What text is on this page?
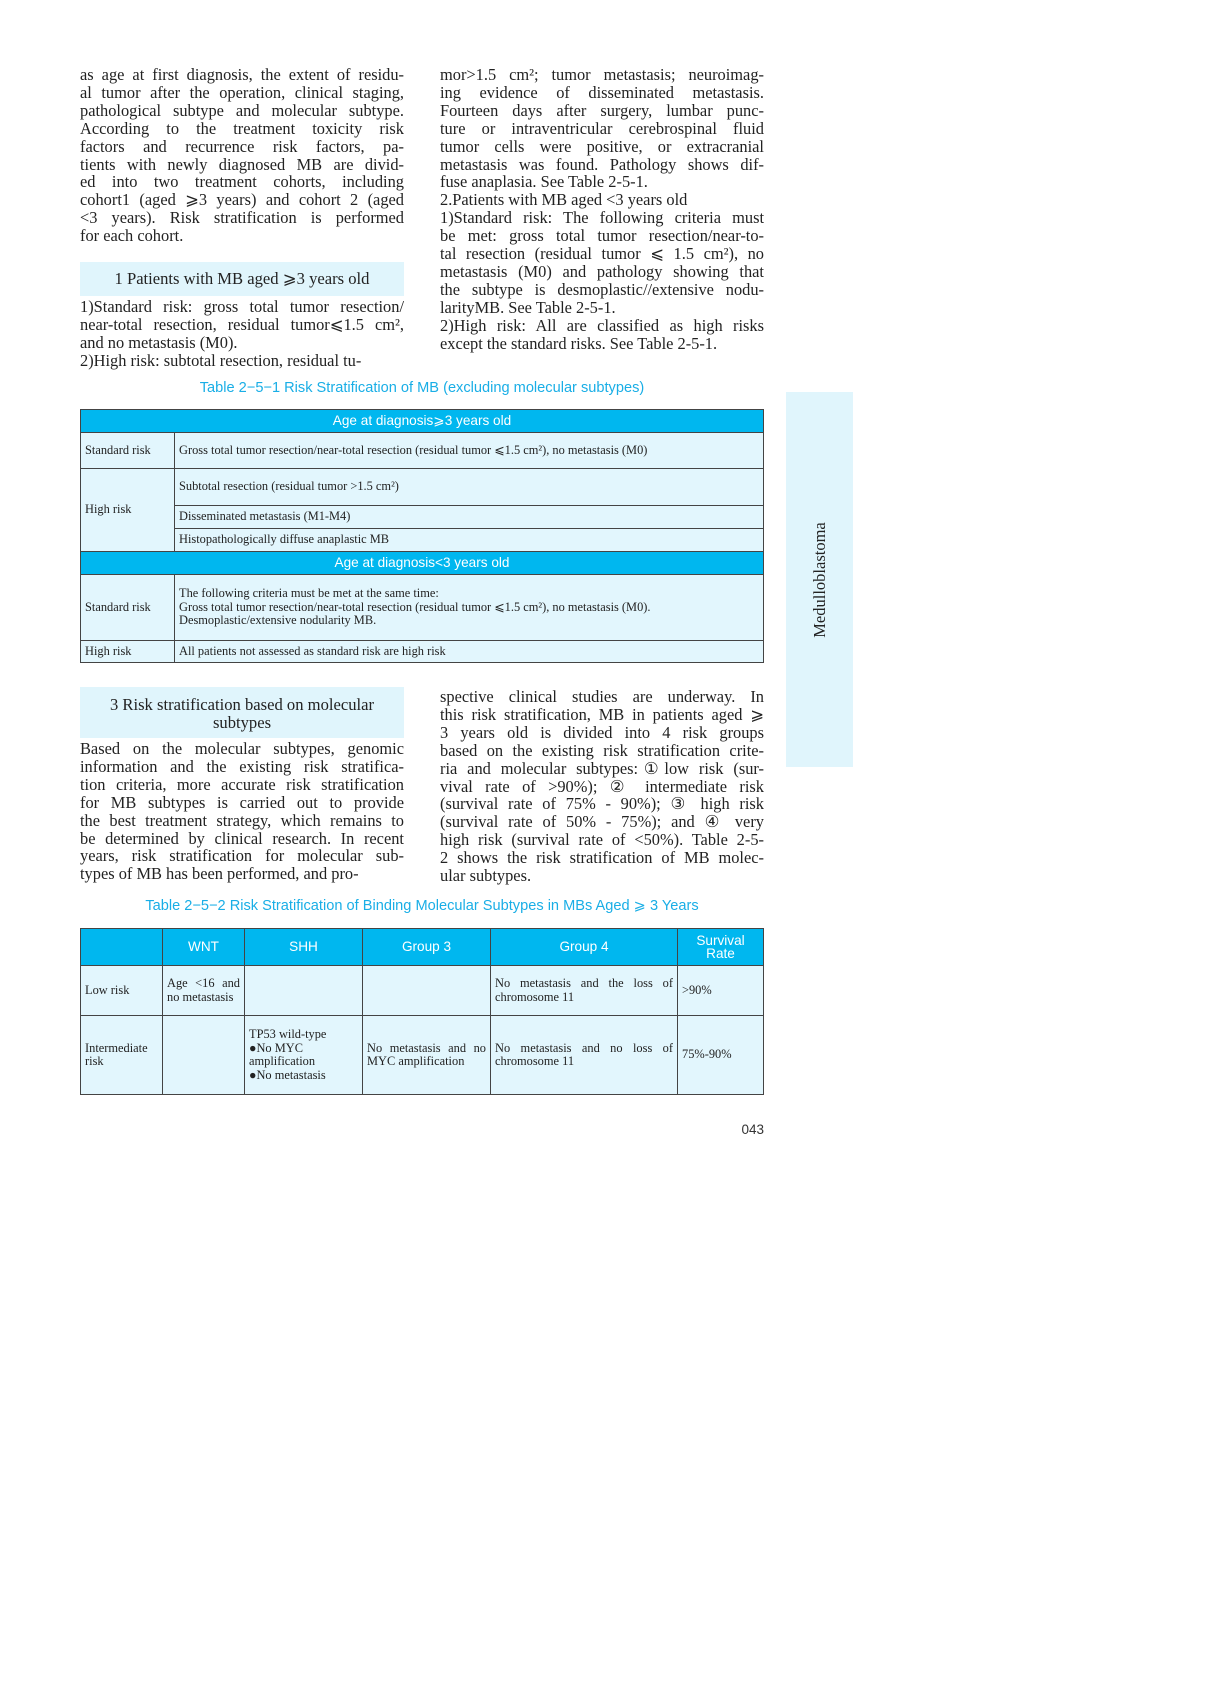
as age at first diagnosis, the extent of residu-
al tumor after the operation, clinical staging,
pathological subtype and molecular subtype.
According to the treatment toxicity risk
factors and recurrence risk factors, pa-
tients with newly diagnosed MB are divid-
ed into two treatment cohorts, including
cohort1 (aged ⩾3 years) and cohort 2 (aged
<3 years). Risk stratification is performed
for each cohort.
1 Patients with MB aged ⩾3 years old
1)Standard risk: gross total tumor resection/
near-total resection, residual tumor⩽1.5 cm²,
and no metastasis (M0).
2)High risk: subtotal resection, residual tu-
mor>1.5 cm²; tumor metastasis; neuroimag-
ing evidence of disseminated metastasis.
Fourteen days after surgery, lumbar punc-
ture or intraventricular cerebrospinal fluid
tumor cells were positive, or extracranial
metastasis was found. Pathology shows dif-
fuse anaplasia. See Table 2-5-1.
2.Patients with MB aged <3 years old
1)Standard risk: The following criteria must
be met: gross total tumor resection/near-to-
tal resection (residual tumor ⩽ 1.5 cm²), no
metastasis (M0) and pathology showing that
the subtype is desmoplastic//extensive nodu-
larityMB. See Table 2-5-1.
2)High risk: All are classified as high risks
except the standard risks. See Table 2-5-1.
Table 2−5−1 Risk Stratification of MB (excluding molecular subtypes)
Age at diagnosis⩾3 years old	
Standard risk	Gross total tumor resection/near-total resection (residual tumor ⩽1.5 cm²), no metastasis (M0)
High risk	Subtotal resection (residual tumor >1.5 cm²)
	Disseminated metastasis (M1-M4)
	Histopathologically diffuse anaplastic MB
Age at diagnosis<3 years old	
Standard risk	The following criteria must be met at the same time:
Gross total tumor resection/near-total resection (residual tumor ⩽1.5 cm²), no metastasis (M0).
Desmoplastic/extensive nodularity MB.

High risk	All patients not assessed as standard risk are high risk
Medulloblastoma
3 Risk stratification based on molecular subtypes
Based on the molecular subtypes, genomic
information and the existing risk stratifica-
tion criteria, more accurate risk stratification
for MB subtypes is carried out to provide
the best treatment strategy, which remains to
be determined by clinical research. In recent
years, risk stratification for molecular sub-
types of MB has been performed, and pro-
spective clinical studies are underway. In
this risk stratification, MB in patients aged ⩾
3 years old is divided into 4 risk groups
based on the existing risk stratification crite-
ria and molecular subtypes:①low risk (sur-
vival rate of >90%); ② intermediate risk
(survival rate of 75% - 90%); ③ high risk
(survival rate of 50% - 75%); and ④ very
high risk (survival rate of <50%). Table 2-5-
2 shows the risk stratification of MB molec-
ular subtypes.
Table 2−5−2 Risk Stratification of Binding Molecular Subtypes in MBs Aged ⩾ 3 Years
	WNT	SHH	Group 3	Group 4	Survival Rate
Low risk	Age <16 and no metastasis			No metastasis and the loss of chromosome 11	>90%
Intermediate risk		TP53 wild-type
●No MYC amplification
●No metastasis	No metastasis and no MYC amplification	No metastasis and no loss of chromosome 11	75%-90%
043
